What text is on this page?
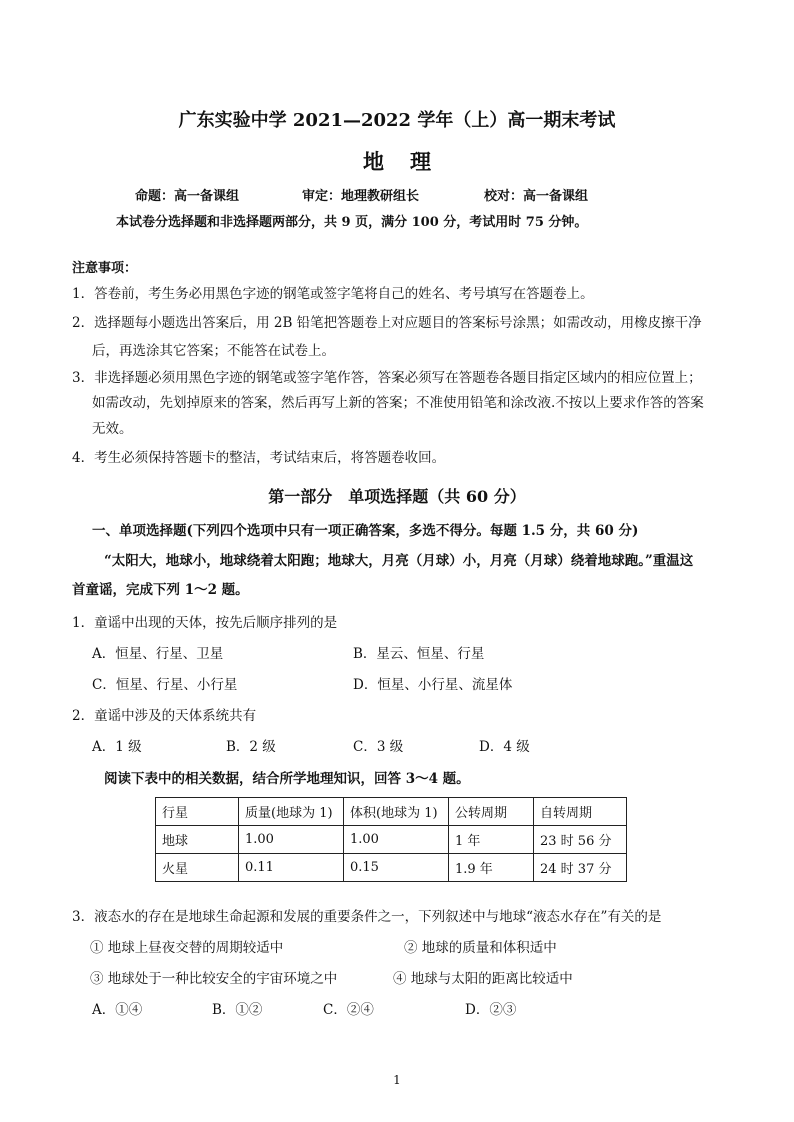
广东实验中学 2021—2022 学年（上）高一期末考试
地理
命题：高一备课组	审定：地理教研组长	校对：高一备课组
本试卷分选择题和非选择题两部分，共 9 页，满分 100 分，考试用时 75 分钟。
注意事项：
1．答卷前，考生务必用黑色字迹的钢笔或签字笔将自己的姓名、考号填写在答题卷上。
2．选择题每小题选出答案后，用 2B 铅笔把答题卷上对应题目的答案标号涂黑；如需改动，用橡皮擦干净
后，再选涂其它答案；不能答在试卷上。
3．非选择题必须用黑色字迹的钢笔或签字笔作答，答案必须写在答题卷各题目指定区域内的相应位置上；
如需改动，先划掉原来的答案，然后再写上新的答案；不准使用铅笔和涂改液.不按以上要求作答的答案
无效。
4．考生必须保持答题卡的整洁，考试结束后，将答题卷收回。
第一部分　单项选择题（共 60 分）
一、单项选择题(下列四个选项中只有一项正确答案，多选不得分。每题 1.5 分，共 60 分)
“太阳大，地球小，地球绕着太阳跑；地球大，月亮（月球）小，月亮（月球）绕着地球跑。”重温这
首童谣，完成下列 1～2 题。
1．童谣中出现的天体，按先后顺序排列的是
A．恒星、行星、卫星	B．星云、恒星、行星
C．恒星、行星、小行星	D．恒星、小行星、流星体
2．童谣中涉及的天体系统共有
A．1 级	B．2 级	C．3 级	D．4 级
阅读下表中的相关数据，结合所学地理知识，回答 3～4 题。
行星	质量(地球为 1)	体积(地球为 1)	公转周期	自转周期
地球	1.00	1.00	1 年	23 时 56 分
火星	0.11	0.15	1.9 年	24 时 37 分
3．液态水的存在是地球生命起源和发展的重要条件之一，下列叙述中与地球“液态水存在”有关的是
① 地球上昼夜交替的周期较适中	② 地球的质量和体积适中
③ 地球处于一种比较安全的宇宙环境之中	④ 地球与太阳的距离比较适中
A．①④	B．①②	C．②④	D．②③
1
